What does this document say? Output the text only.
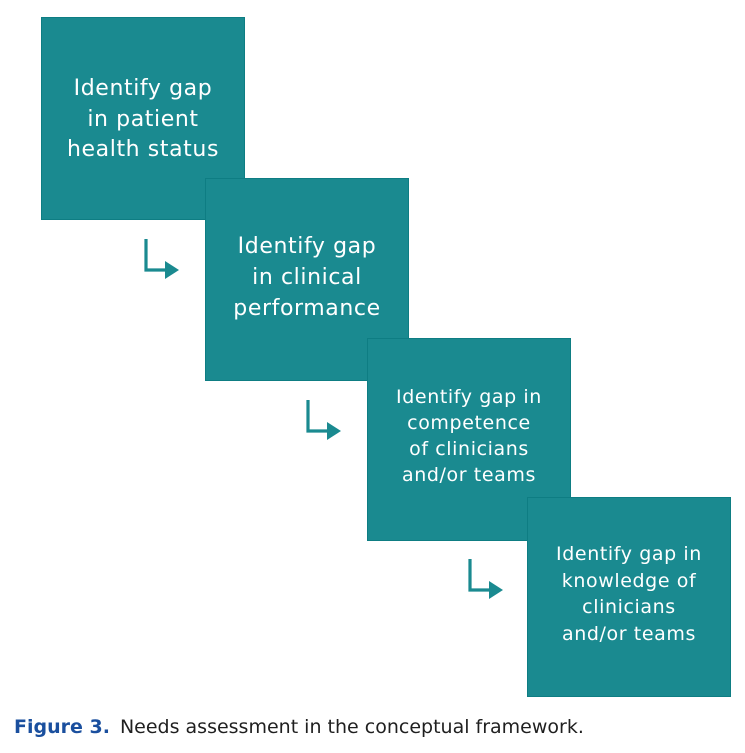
Identify gap
in patient
health status
Identify gap
in clinical
performance
Identify gap in
competence
of clinicians
and/or teams
Identify gap in
knowledge of
clinicians
and/or teams
Figure 3. Needs assessment in the conceptual framework.
